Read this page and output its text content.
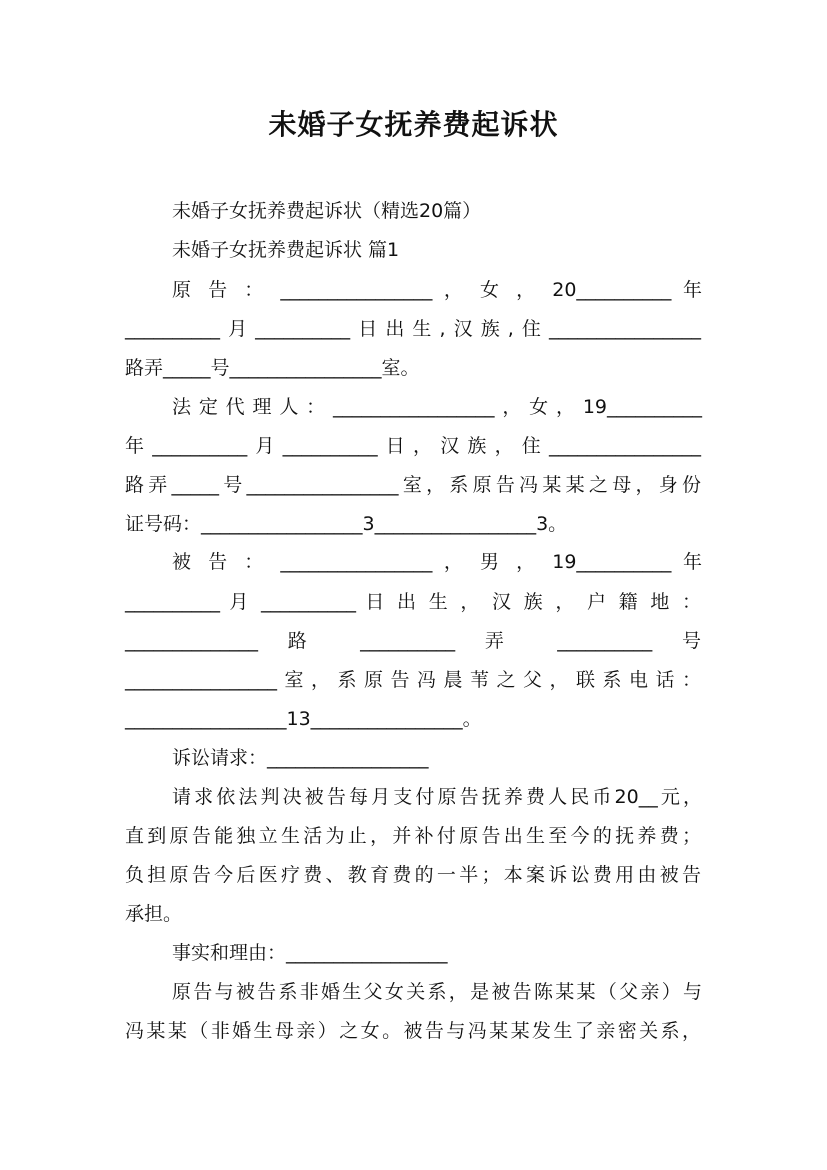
未婚子女抚养费起诉状
未婚子女抚养费起诉状（精选20篇）
未婚子女抚养费起诉状 篇1
原 告 ： ________________ ， 女 ， 20__________ 年
__________月__________日出生,汉族,住________________
路弄_____号________________室。
法定代理人：_________________，女，19__________
年__________月__________日，汉族，住________________
路弄_____号________________室，系原告冯某某之母，身份
证号码：_________________3_________________3。
被 告 ： ________________ ， 男 ， 19__________ 年
__________ 月 __________ 日 出 生 ， 汉 族 ， 户 籍 地 ：
______________ 路 __________ 弄 __________ 号
________________室，系原告冯晨苇之父，联系电话：
_________________13________________。
诉讼请求：_________________
请求依法判决被告每月支付原告抚养费人民币20__元，
直到原告能独立生活为止，并补付原告出生至今的抚养费；
负担原告今后医疗费、教育费的一半；本案诉讼费用由被告
承担。
事实和理由：_________________
原告与被告系非婚生父女关系，是被告陈某某（父亲）与
冯某某（非婚生母亲）之女。被告与冯某某发生了亲密关系，
